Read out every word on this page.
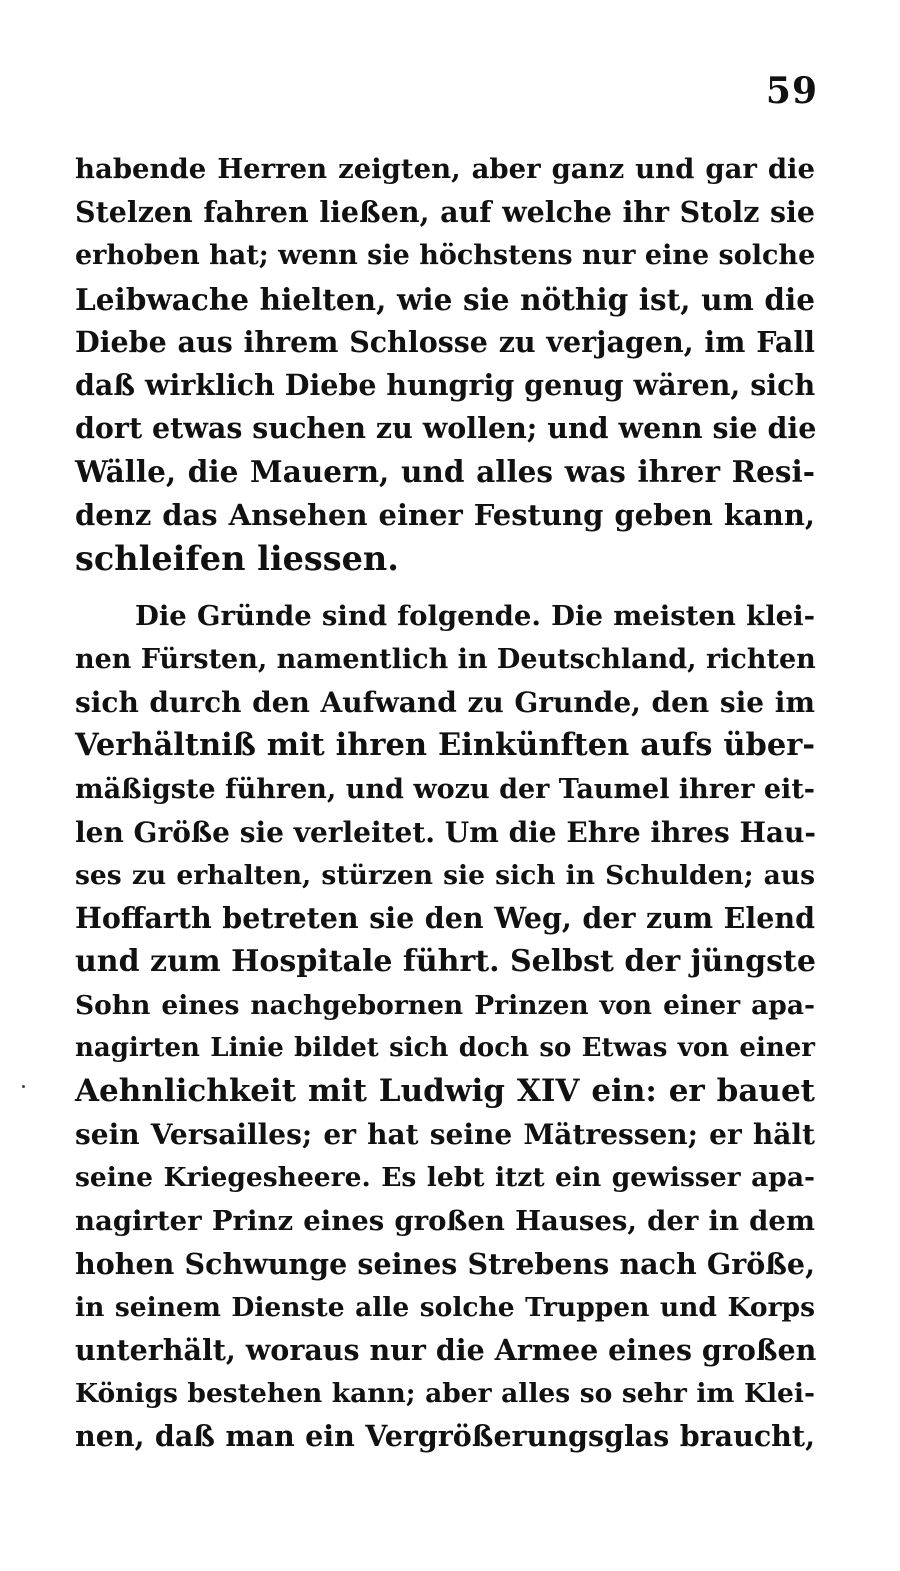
59
habende Herren zeigten, aber ganz und gar die
Stelzen fahren ließen, auf welche ihr Stolz sie
erhoben hat; wenn sie höchstens nur eine solche
Leibwache hielten, wie sie nöthig ist, um die
Diebe aus ihrem Schlosse zu verjagen, im Fall
daß wirklich Diebe hungrig genug wären, sich
dort etwas suchen zu wollen; und wenn sie die
Wälle, die Mauern, und alles was ihrer Resi-
denz das Ansehen einer Festung geben kann,
schleifen liessen.
Die Gründe sind folgende. Die meisten klei-
nen Fürsten, namentlich in Deutschland, richten
sich durch den Aufwand zu Grunde, den sie im
Verhältniß mit ihren Einkünften aufs über-
mäßigste führen, und wozu der Taumel ihrer eit-
len Größe sie verleitet. Um die Ehre ihres Hau-
ses zu erhalten, stürzen sie sich in Schulden; aus
Hoffarth betreten sie den Weg, der zum Elend
und zum Hospitale führt. Selbst der jüngste
Sohn eines nachgebornen Prinzen von einer apa-
nagirten Linie bildet sich doch so Etwas von einer
Aehnlichkeit mit Ludwig XIV ein: er bauet
sein Versailles; er hat seine Mätressen; er hält
seine Kriegesheere. Es lebt itzt ein gewisser apa-
nagirter Prinz eines großen Hauses, der in dem
hohen Schwunge seines Strebens nach Größe,
in seinem Dienste alle solche Truppen und Korps
unterhält, woraus nur die Armee eines großen
Königs bestehen kann; aber alles so sehr im Klei-
nen, daß man ein Vergrößerungsglas braucht,
